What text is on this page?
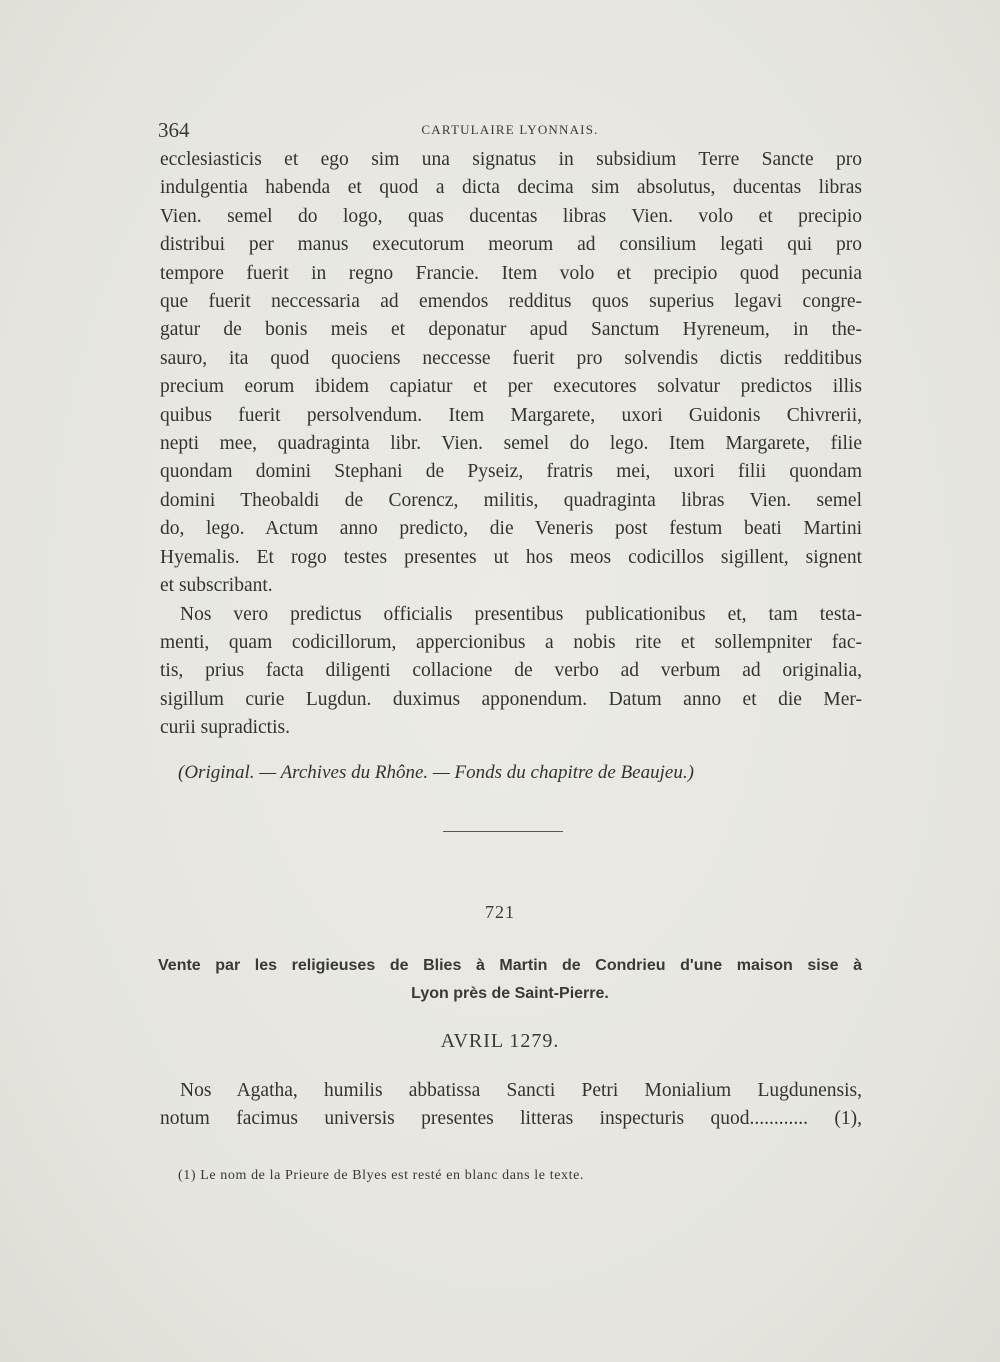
364	CARTULAIRE LYONNAIS.
ecclesiasticis et ego sim una signatus in subsidium Terre Sancte pro
indulgentia habenda et quod a dicta decima sim absolutus, ducentas libras
Vien. semel do logo, quas ducentas libras Vien. volo et precipio
distribui per manus executorum meorum ad consilium legati qui pro
tempore fuerit in regno Francie. Item volo et precipio quod pecunia
que fuerit neccessaria ad emendos redditus quos superius legavi congre-
gatur de bonis meis et deponatur apud Sanctum Hyreneum, in the-
sauro, ita quod quociens neccesse fuerit pro solvendis dictis redditibus
precium eorum ibidem capiatur et per executores solvatur predictos illis
quibus fuerit persolvendum. Item Margarete, uxori Guidonis Chivrerii,
nepti mee, quadraginta libr. Vien. semel do lego. Item Margarete, filie
quondam domini Stephani de Pyseiz, fratris mei, uxori filii quondam
domini Theobaldi de Corencz, militis, quadraginta libras Vien. semel
do, lego. Actum anno predicto, die Veneris post festum beati Martini
Hyemalis. Et rogo testes presentes ut hos meos codicillos sigillent, signent
et subscribant.
Nos vero predictus officialis presentibus publicationibus et, tam testa-
menti, quam codicillorum, appercionibus a nobis rite et sollempniter fac-
tis, prius facta diligenti collacione de verbo ad verbum ad originalia,
sigillum curie Lugdun. duximus apponendum. Datum anno et die Mer-
curii supradictis.
(Original. — Archives du Rhône. — Fonds du chapitre de Beaujeu.)
721
Vente par les religieuses de Blies à Martin de Condrieu d'une maison sise à
Lyon près de Saint-Pierre.
AVRIL 1279.
Nos Agatha, humilis abbatissa Sancti Petri Monialium Lugdunensis,
notum facimus universis presentes litteras inspecturis quod............ (1),
(1) Le nom de la Prieure de Blyes est resté en blanc dans le texte.
